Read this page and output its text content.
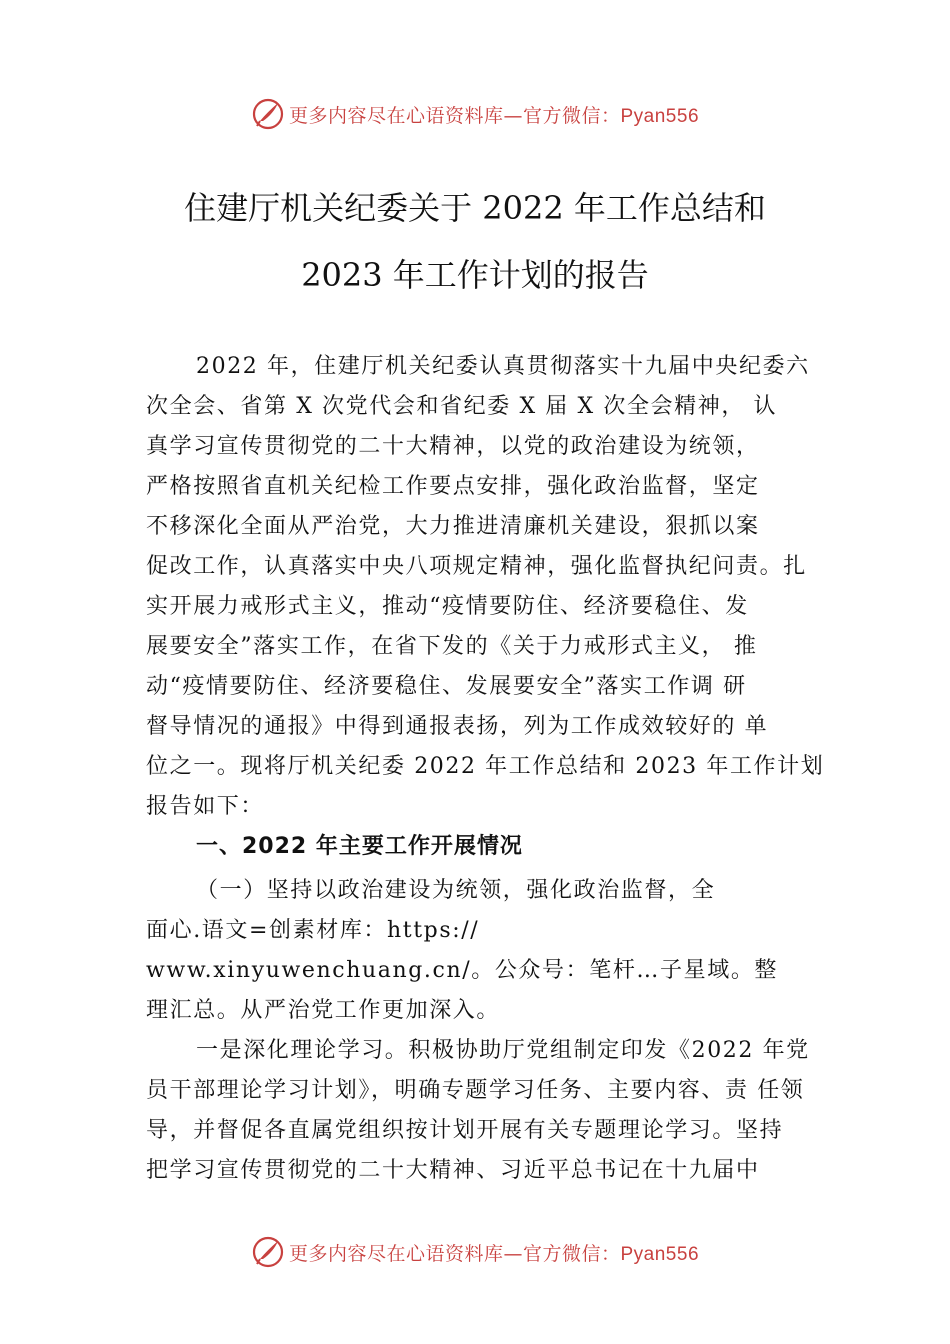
更多内容尽在心语资料库—官方微信：Pyan556
住建厅机关纪委关于 2022 年工作总结和
2023 年工作计划的报告
2022 年，住建厅机关纪委认真贯彻落实十九届中央纪委六
次全会、省第 X 次党代会和省纪委 X 届 X 次全会精神， 认
真学习宣传贯彻党的二十大精神，以党的政治建设为统领，
严格按照省直机关纪检工作要点安排，强化政治监督，坚定
不移深化全面从严治党，大力推进清廉机关建设，狠抓以案
促改工作，认真落实中央八项规定精神，强化监督执纪问责。扎
实开展力戒形式主义，推动“疫情要防住、经济要稳住、发
展要安全”落实工作，在省下发的《关于力戒形式主义， 推
动“疫情要防住、经济要稳住、发展要安全”落实工作调 研
督导情况的通报》中得到通报表扬，列为工作成效较好的 单
位之一。现将厅机关纪委 2022 年工作总结和 2023 年工作计划
报告如下：
一、2022 年主要工作开展情况
（一）坚持以政治建设为统领，强化政治监督，全
面心.语文=创素材库：https://
www.xinyuwenchuang.cn/。公众号：笔杆…子星域。整
理汇总。从严治党工作更加深入。
一是深化理论学习。积极协助厅党组制定印发《2022 年党
员干部理论学习计划》，明确专题学习任务、主要内容、责 任领
导，并督促各直属党组织按计划开展有关专题理论学习。坚持
把学习宣传贯彻党的二十大精神、习近平总书记在十九届中
更多内容尽在心语资料库—官方微信：Pyan556
